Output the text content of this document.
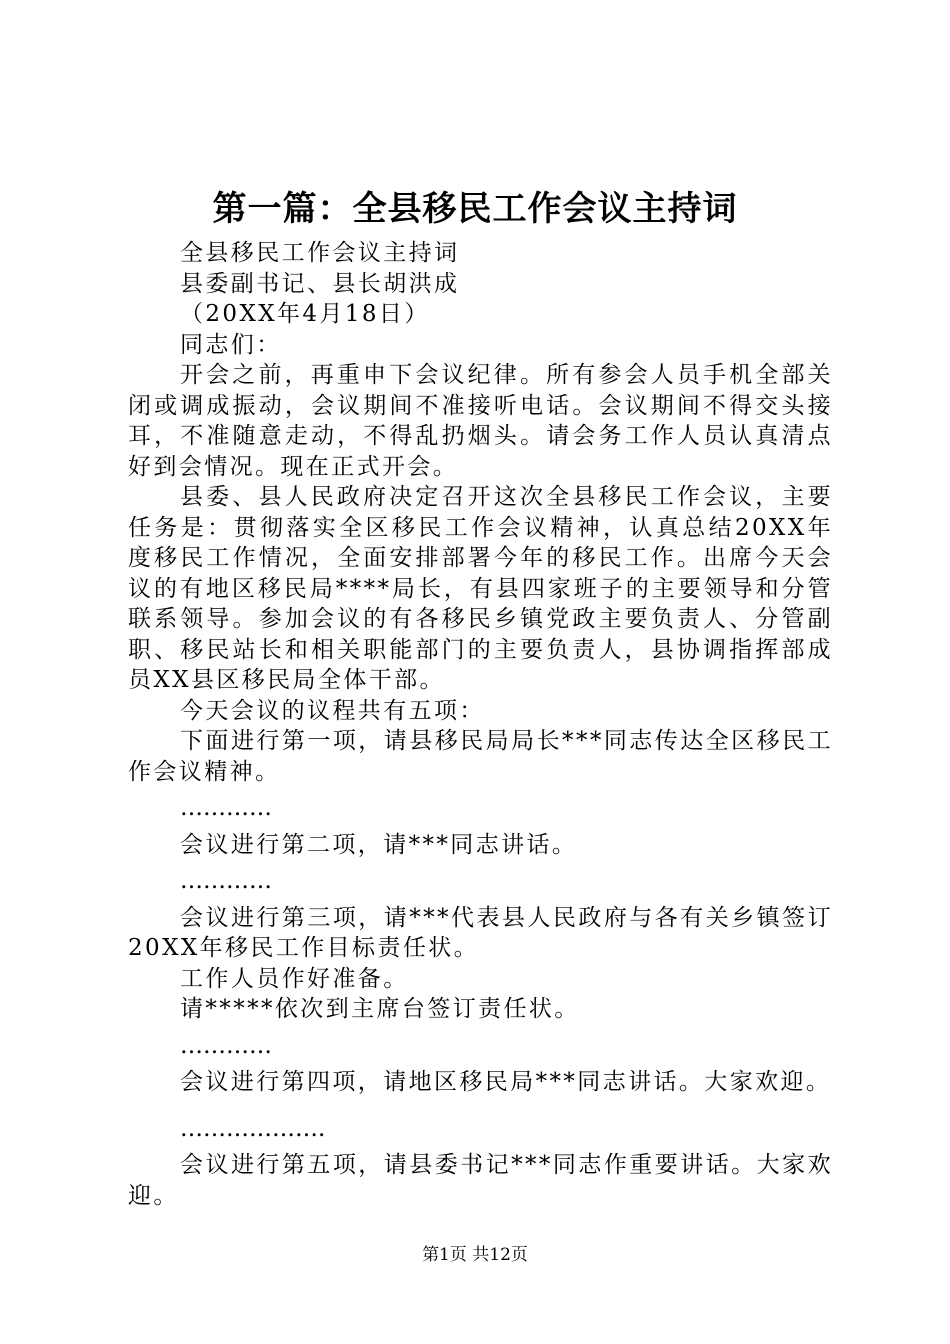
第一篇：全县移民工作会议主持词

全县移民工作会议主持词

县委副书记、县长胡洪成

（20XX年4月18日）

同志们：

开会之前，再重申下会议纪律。所有参会人员手机全部关闭或调成振动，会议期间不准接听电话。会议期间不得交头接耳，不准随意走动，不得乱扔烟头。请会务工作人员认真清点好到会情况。现在正式开会。

县委、县人民政府决定召开这次全县移民工作会议，主要任务是：贯彻落实全区移民工作会议精神，认真总结20XX年度移民工作情况，全面安排部署今年的移民工作。出席今天会议的有地区移民局****局长，有县四家班子的主要领导和分管联系领导。参加会议的有各移民乡镇党政主要负责人、分管副职、移民站长和相关职能部门的主要负责人，县协调指挥部成员XX县区移民局全体干部。

今天会议的议程共有五项：

下面进行第一项，请县移民局局长***同志传达全区移民工作会议精神。

…………

会议进行第二项，请***同志讲话。

…………

会议进行第三项，请***代表县人民政府与各有关乡镇签订20XX年移民工作目标责任状。

工作人员作好准备。

请*****依次到主席台签订责任状。

…………

会议进行第四项，请地区移民局***同志讲话。大家欢迎。

……………….

会议进行第五项，请县委书记***同志作重要讲话。大家欢迎。

第1页 共12页
